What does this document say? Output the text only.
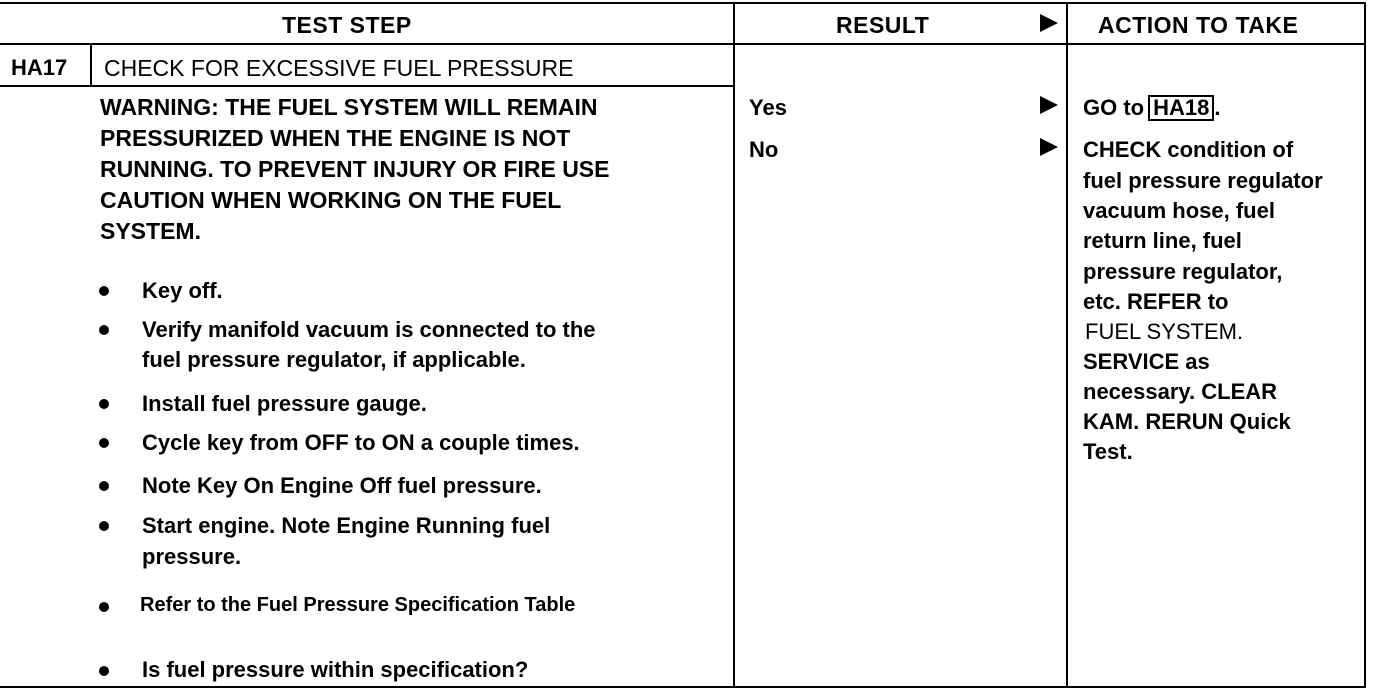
TEST STEP	RESULT	ACTION TO TAKE
HA17 CHECK FOR EXCESSIVE FUEL PRESSURE
WARNING: THE FUEL SYSTEM WILL REMAIN
PRESSURIZED WHEN THE ENGINE IS NOT
RUNNING. TO PREVENT INJURY OR FIRE USE
CAUTION WHEN WORKING ON THE FUEL
SYSTEM.
Key off.
Verify manifold vacuum is connected to the
fuel pressure regulator, if applicable.
Install fuel pressure gauge.
Cycle key from OFF to ON a couple times.
Note Key On Engine Off fuel pressure.
Start engine. Note Engine Running fuel
pressure.
Refer to the Fuel Pressure Specification Table
Is fuel pressure within specification?
Yes
No
GO to HA18 .
CHECK condition of
fuel pressure regulator
vacuum hose, fuel
return line, fuel
pressure regulator,
etc. REFER to
FUEL SYSTEM.
SERVICE as
necessary. CLEAR
KAM. RERUN Quick
Test.
